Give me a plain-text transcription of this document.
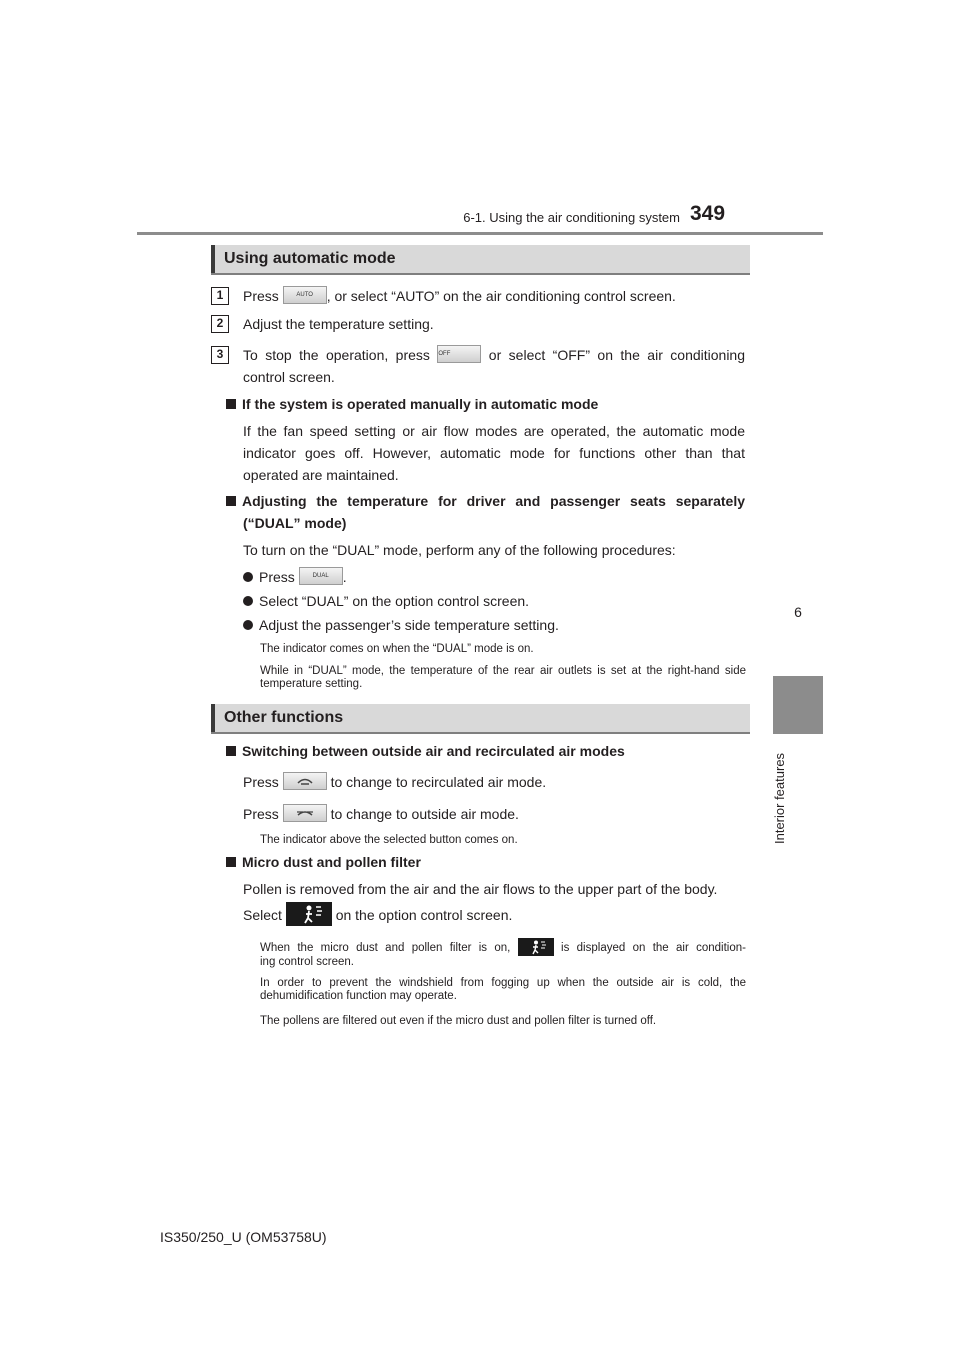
6-1. Using the air conditioning system 349
6
Interior features
Using automatic mode
1	Press	AUTO , or select “AUTO” on the air conditioning control screen.
2	Adjust the temperature setting.
3	To stop the operation, press OFF	or select “OFF” on the air conditioning
control screen.
If the system is operated manually in automatic mode
If the fan speed setting or air flow modes are operated, the automatic mode indicator goes off. However, automatic mode for functions other than that operated are maintained.
Adjusting the temperature for driver and passenger seats separately
(“DUAL” mode)
To turn on the “DUAL” mode, perform any of the following procedures:
Press	DUAL .
Select “DUAL” on the option control screen.
Adjust the passenger’s side temperature setting.
The indicator comes on when the “DUAL” mode is on.
While in “DUAL” mode, the temperature of the rear air outlets is set at the right-hand side temperature setting.
Other functions
Switching between outside air and recirculated air modes
Press	to change to recirculated air mode.
Press	to change to outside air mode.
The indicator above the selected button comes on.
Micro dust and pollen filter
Pollen is removed from the air and the air flows to the upper part of the body.
Select	on the option control screen.
When the micro dust and pollen filter is on,	is displayed on the air condition-
ing control screen.
In order to prevent the windshield from fogging up when the outside air is cold, the dehumidification function may operate.
The pollens are filtered out even if the micro dust and pollen filter is turned off.
IS350/250_U (OM53758U)
